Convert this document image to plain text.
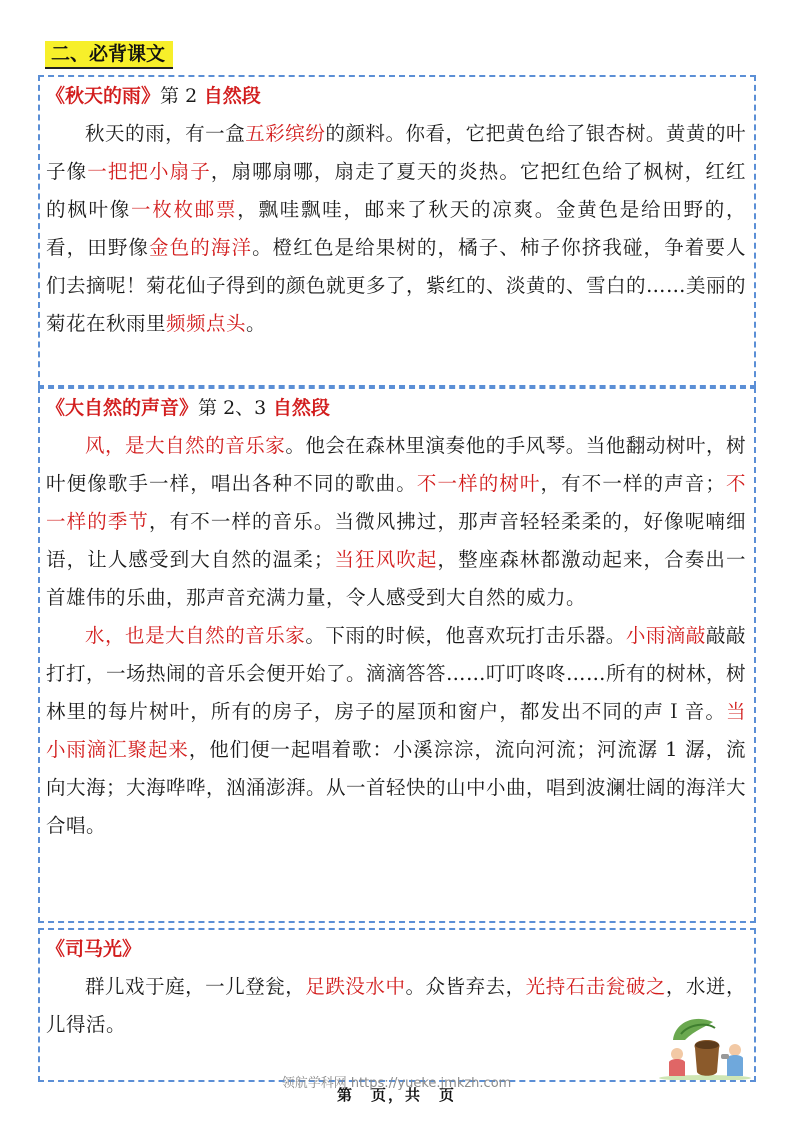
二、必背课文
《秋天的雨》第 2 自然段

秋天的雨，有一盒五彩缤纷的颜料。你看，它把黄色给了银杏树。黄黄的叶子像一把把小扇子，扇哪扇哪，扇走了夏天的炎热。它把红色给了枫树，红红的枫叶像一枚枚邮票，飘哇飘哇，邮来了秋天的凉爽。金黄色是给田野的，看，田野像金色的海洋。橙红色是给果树的，橘子、柿子你挤我碰，争着要人们去摘呢！菊花仙子得到的颜色就更多了，紫红的、淡黄的、雪白的……美丽的菊花在秋雨里频频点头。

《大自然的声音》第 2、3 自然段

风，是大自然的音乐家。他会在森林里演奏他的手风琴。当他翻动树叶，树叶便像歌手一样，唱出各种不同的歌曲。不一样的树叶，有不一样的声音；不一样的季节，有不一样的音乐。当微风拂过，那声音轻轻柔柔的，好像呢喃细语，让人感受到大自然的温柔；当狂风吹起，整座森林都激动起来，合奏出一首雄伟的乐曲，那声音充满力量，令人感受到大自然的威力。

水，也是大自然的音乐家。下雨的时候，他喜欢玩打击乐器。小雨滴敲敲敲打打，一场热闹的音乐会便开始了。滴滴答答……叮叮咚咚……所有的树林，树林里的每片树叶，所有的房子，房子的屋顶和窗户，都发出不同的声Ｉ音。当小雨滴汇聚起来，他们便一起唱着歌：小溪淙淙，流向河流；河流潺 1 潺，流向大海；大海哗哗，汹涌澎湃。从一首轻快的山中小曲，唱到波澜壮阔的海洋大合唱。

《司马光》

群儿戏于庭，一儿登瓮，足跌没水中。众皆弃去，光持石击瓮破之，水迸，儿得活。

领航学科网 https://yueke.jmkzh.com
第　页，共　页
